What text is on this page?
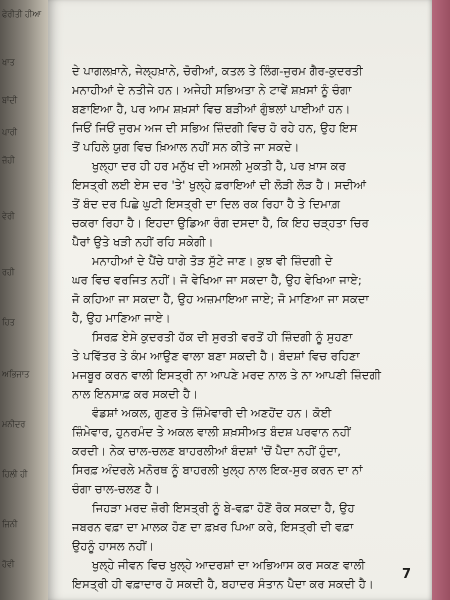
ਫੇਰੀਤੀ ਹੀਆ
ਖਾਤ
ਬਾਂਦੀ
ਪਾਰੀ
ਜ਼ੋਹੀ
ਵੇਰੀ
ਰਹੀ
ਹਿਤ
ਅਭਿਜਾਤ
ਮਨੀਦਰ
ਹਿਲੀ ਹੀ
ਜਿਨੀ
ਹੋਵੀ
ਦੇ ਪਾਗਲਖ਼ਾਨੇ, ਜੇਲ੍ਹਖ਼ਾਨੇ, ਚੋਰੀਆਂ, ਕਤਲ ਤੇ ਲਿੰਗ-ਜੁਰਮ ਗੈਰ-ਕੁਦਰਤੀ
ਮਨਾਹੀਆਂ ਦੇ ਨਤੀਜੇ ਹਨ। ਅਜੇਹੀ ਸਭਿਅਤਾ ਨੇ ਟਾਵੇਂ ਸ਼ਖ਼ਸਾਂ ਨੂੰ ਚੰਗਾ
ਬਣਾਇਆ ਹੈ, ਪਰ ਆਮ ਸ਼ਖ਼ਸਾਂ ਵਿਚ ਬੜੀਆਂ ਗੁੰਝਲਾਂ ਪਾਈਆਂ ਹਨ।
ਜਿਓਂ ਜਿਓਂ ਜੁਰਮ ਅਜ ਦੀ ਸਭਿਅ ਜ਼ਿੰਦਗੀ ਵਿਚ ਹੋ ਰਹੇ ਹਨ, ਉਹ ਇਸ
ਤੋਂ ਪਹਿਲੇ ਯੁਗ ਵਿਚ ਖ਼ਿਆਲ ਨਹੀਂ ਸਨ ਕੀਤੇ ਜਾ ਸਕਦੇ।
ਖੁਲ੍ਹਾ ਦਰ ਹੀ ਹਰ ਮਨੁੱਖ ਦੀ ਅਸਲੀ ਮੁਕਤੀ ਹੈ, ਪਰ ਖ਼ਾਸ ਕਰ
ਇਸਤ੍ਰੀ ਲਈ ਏਸ ਦਰ 'ਤੇ' ਖੁਲ੍ਹੇ ਫ਼ਰਾਇਆਂ ਦੀ ਲੋੜੀ ਲੋੜ ਹੈ। ਸਦੀਆਂ
ਤੋਂ ਬੰਦ ਦਰ ਪਿਛੇ ਘੁਟੀ ਇਸਤ੍ਰੀ ਦਾ ਦਿਲ ਰਕ ਰਿਹਾ ਹੈ ਤੇ ਦਿਮਾਗ਼
ਚਕਰਾ ਰਿਹਾ ਹੈ। ਇਹਦਾ ਉਡਿਆ ਰੰਗ ਦਸਦਾ ਹੈ, ਕਿ ਇਹ ਚੜ੍ਹਤਾ ਚਿਰ
ਪੈਰਾਂ ਉਤੇ ਖੜੀ ਨਹੀਂ ਰਹਿ ਸਕੇਗੀ।
ਮਨਾਹੀਆਂ ਦੇ ਪੈਂਚੇ ਧਾਗੇ ਤੋੜ ਸੁੱਟੇ ਜਾਣ। ਕੁਝ ਵੀ ਜ਼ਿੰਦਗੀ ਦੇ
ਘਰ ਵਿਚ ਵਰਜਿਤ ਨਹੀਂ। ਜੋ ਵੇਖਿਆ ਜਾ ਸਕਦਾ ਹੈ, ਉਹ ਵੇਖਿਆ ਜਾਏ;
ਜੋ ਕਹਿਆ ਜਾ ਸਕਦਾ ਹੈ, ਉਹ ਅਜ਼ਮਾਇਆ ਜਾਏ; ਜੋ ਮਾਣਿਆ ਜਾ ਸਕਦਾ
ਹੈ, ਉਹ ਮਾਣਿਆ ਜਾਏ।
ਸਿਰਫ਼ ਏਸੇ ਕੁਦਰਤੀ ਹੱਕ ਦੀ ਸੁਰਤੀ ਵਰਤੋਂ ਹੀ ਜ਼ਿੰਦਗੀ ਨੂੰ ਸੁਹਣਾ
ਤੇ ਪਵਿੱਤਰ ਤੇ ਕੰਮ ਆਉਣ ਵਾਲਾ ਬਣਾ ਸਕਦੀ ਹੈ। ਬੰਦਸ਼ਾਂ ਵਿਚ ਰਹਿਣਾ
ਮਜਬੂਰ ਕਰਨ ਵਾਲੀ ਇਸਤ੍ਰੀ ਨਾ ਆਪਣੇ ਮਰਦ ਨਾਲ ਤੇ ਨਾ ਆਪਣੀ ਜ਼ਿੰਦਗੀ
ਨਾਲ ਇਨਸਾਫ਼ ਕਰ ਸਕਦੀ ਹੈ।
ਵੰਡਸ਼ਾਂ ਅਕਲ, ਗੁਣਰ ਤੇ ਜ਼ਿੰਮੇਵਾਰੀ ਦੀ ਅਣਹੋਂਦ ਹਨ। ਕੋਈ
ਜ਼ਿੰਮੇਵਾਰ, ਹੁਨਰਮੰਦ ਤੇ ਅਕਲ ਵਾਲੀ ਸ਼ਖ਼ਸੀਅਤ ਬੰਦਸ਼ ਪਰਵਾਨ ਨਹੀਂ
ਕਰਦੀ। ਨੇਕ ਚਾਲ-ਚਲਣ ਬਾਹਰਲੀਆਂ ਬੰਦਸ਼ਾਂ 'ਚੋਂ ਪੈਦਾ ਨਹੀਂ ਹੁੰਦਾ,
ਸਿਰਫ਼ ਅੰਦਰਲੇ ਮਨੋਰਥ ਨੂੰ ਬਾਹਰਲੀ ਖੁਲ੍ਹ ਨਾਲ ਇਕ-ਸੁਰ ਕਰਨ ਦਾ ਨਾਂ
ਚੰਗਾ ਚਾਲ-ਚਲਣ ਹੈ।
ਜਿਹੜਾ ਮਰਦ ਜ਼ੋਰੀ ਇਸਤ੍ਰੀ ਨੂੰ ਬੇ-ਵਫ਼ਾ ਹੋਣੋਂ ਰੋਕ ਸਕਦਾ ਹੈ, ਉਹ
ਜਬਰਨ ਵਫ਼ਾ ਦਾ ਮਾਲਕ ਹੋਣ ਦਾ ਫ਼ਖ਼ਰ ਪਿਆ ਕਰੇ, ਇਸਤ੍ਰੀ ਦੀ ਵਫ਼ਾ
ਉਹਨੂੰ ਹਾਸਲ ਨਹੀਂ।
ਖੁਲ੍ਹੇ ਜੀਵਨ ਵਿਚ ਖੁਲ੍ਹੇ ਆਦਰਸ਼ਾਂ ਦਾ ਅਭਿਆਸ ਕਰ ਸਕਣ ਵਾਲੀ
ਇਸਤ੍ਰੀ ਹੀ ਵਫ਼ਾਦਾਰ ਹੋ ਸਕਦੀ ਹੈ, ਬਹਾਦਰ ਸੰਤਾਨ ਪੈਦਾ ਕਰ ਸਕਦੀ ਹੈ।
7
